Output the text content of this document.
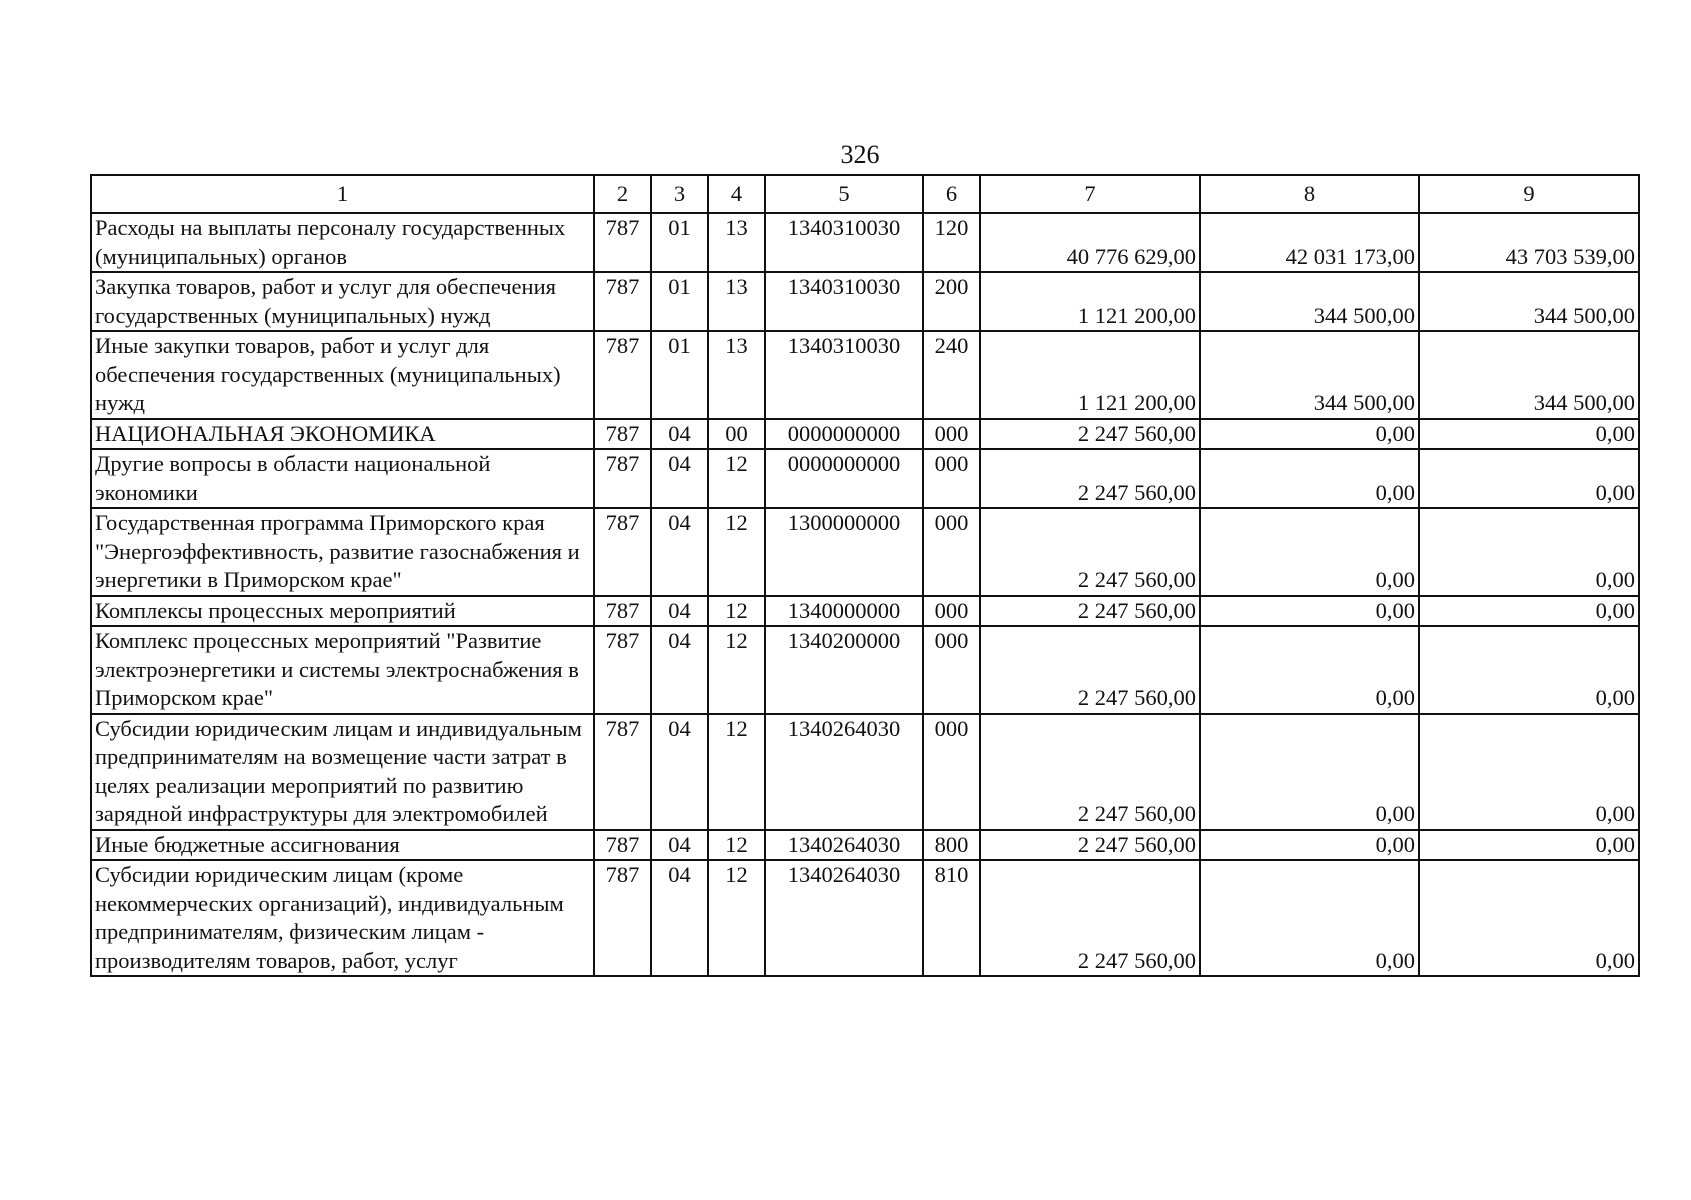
326
1	2	3	4	5	6	7	8	9
Расходы на выплаты персоналу государственных (муниципальных) органов	787	01	13	1340310030	120	40 776 629,00	42 031 173,00	43 703 539,00
Закупка товаров, работ и услуг для обеспечения государственных (муниципальных) нужд	787	01	13	1340310030	200	1 121 200,00	344 500,00	344 500,00
Иные закупки товаров, работ и услуг для обеспечения государственных (муниципальных) нужд	787	01	13	1340310030	240	1 121 200,00	344 500,00	344 500,00
НАЦИОНАЛЬНАЯ ЭКОНОМИКА	787	04	00	0000000000	000	2 247 560,00	0,00	0,00
Другие вопросы в области национальной экономики	787	04	12	0000000000	000	2 247 560,00	0,00	0,00
Государственная программа Приморского края "Энергоэффективность, развитие газоснабжения и энергетики в Приморском крае"	787	04	12	1300000000	000	2 247 560,00	0,00	0,00
Комплексы процессных мероприятий	787	04	12	1340000000	000	2 247 560,00	0,00	0,00
Комплекс процессных мероприятий "Развитие электроэнергетики и системы электроснабжения в Приморском крае"	787	04	12	1340200000	000	2 247 560,00	0,00	0,00
Субсидии юридическим лицам и индивидуальным предпринимателям на возмещение части затрат в целях реализации мероприятий по развитию зарядной инфраструктуры для электромобилей	787	04	12	1340264030	000	2 247 560,00	0,00	0,00
Иные бюджетные ассигнования	787	04	12	1340264030	800	2 247 560,00	0,00	0,00
Субсидии юридическим лицам (кроме некоммерческих организаций), индивидуальным предпринимателям, физическим лицам - производителям товаров, работ, услуг	787	04	12	1340264030	810	2 247 560,00	0,00	0,00
